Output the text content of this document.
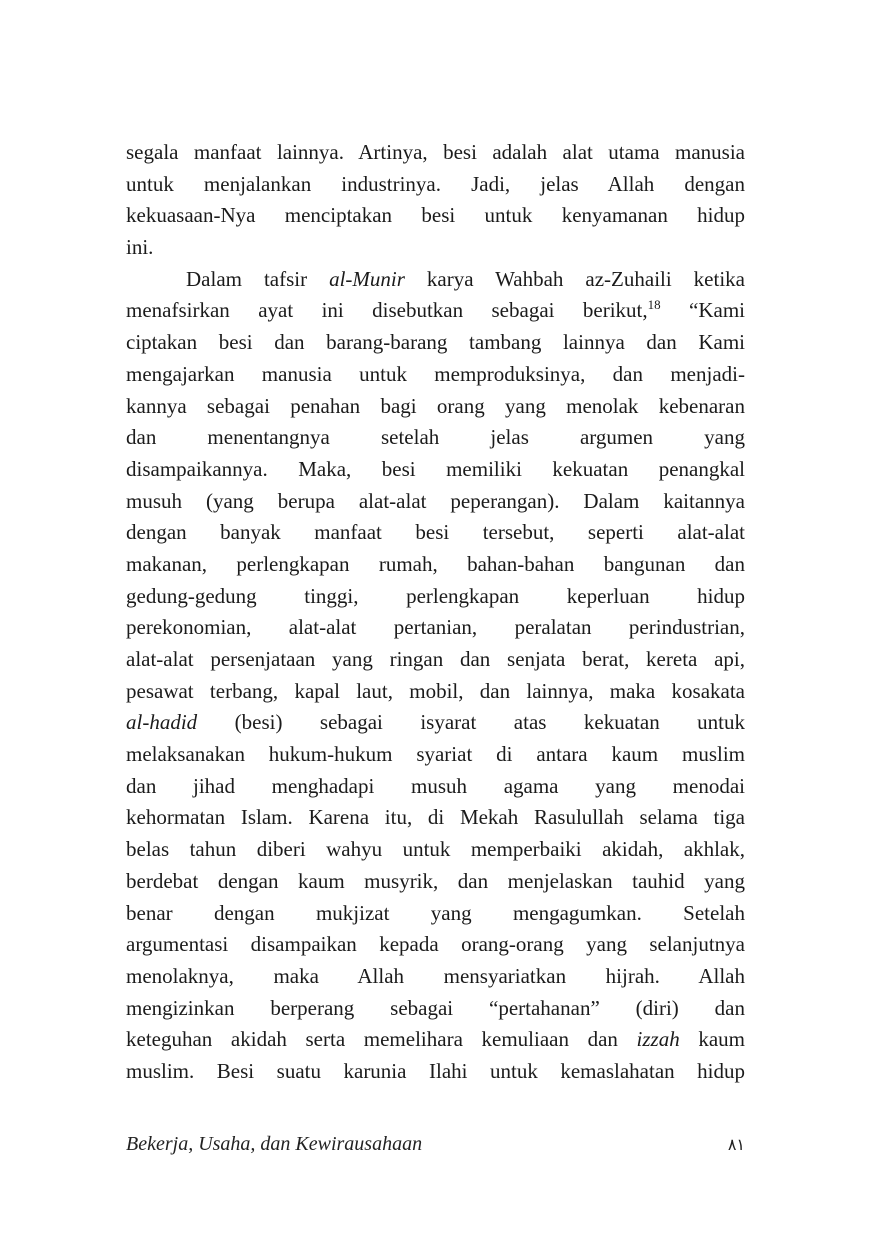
segala manfaat lainnya. Artinya, besi adalah alat utama manusia
untuk menjalankan industrinya. Jadi, jelas Allah dengan
kekuasaan-Nya menciptakan besi untuk kenyamanan hidup
ini.
Dalam tafsir al-Munir karya Wahbah az-Zuhaili ketika
menafsirkan ayat ini disebutkan sebagai berikut,$^{18}$ “Kami
ciptakan besi dan barang-barang tambang lainnya dan Kami
mengajarkan manusia untuk memproduksinya, dan menjadi-
kannya sebagai penahan bagi orang yang menolak kebenaran
dan menentangnya setelah jelas argumen yang
disampaikannya. Maka, besi memiliki kekuatan penangkal
musuh (yang berupa alat-alat peperangan). Dalam kaitannya
dengan banyak manfaat besi tersebut, seperti alat-alat
makanan, perlengkapan rumah, bahan-bahan bangunan dan
gedung-gedung tinggi, perlengkapan keperluan hidup
perekonomian, alat-alat pertanian, peralatan perindustrian,
alat-alat persenjataan yang ringan dan senjata berat, kereta api,
pesawat terbang, kapal laut, mobil, dan lainnya, maka kosakata
al-hadid (besi) sebagai isyarat atas kekuatan untuk
melaksanakan hukum-hukum syariat di antara kaum muslim
dan jihad menghadapi musuh agama yang menodai
kehormatan Islam. Karena itu, di Mekah Rasulullah selama tiga
belas tahun diberi wahyu untuk memperbaiki akidah, akhlak,
berdebat dengan kaum musyrik, dan menjelaskan tauhid yang
benar dengan mukjizat yang mengagumkan. Setelah
argumentasi disampaikan kepada orang-orang yang selanjutnya
menolaknya, maka Allah mensyariatkan hijrah. Allah
mengizinkan berperang sebagai “pertahanan” (diri) dan
keteguhan akidah serta memelihara kemuliaan dan izzah kaum
muslim. Besi suatu karunia Ilahi untuk kemaslahatan hidup
Bekerja, Usaha, dan Kewirausahaan	٨١
